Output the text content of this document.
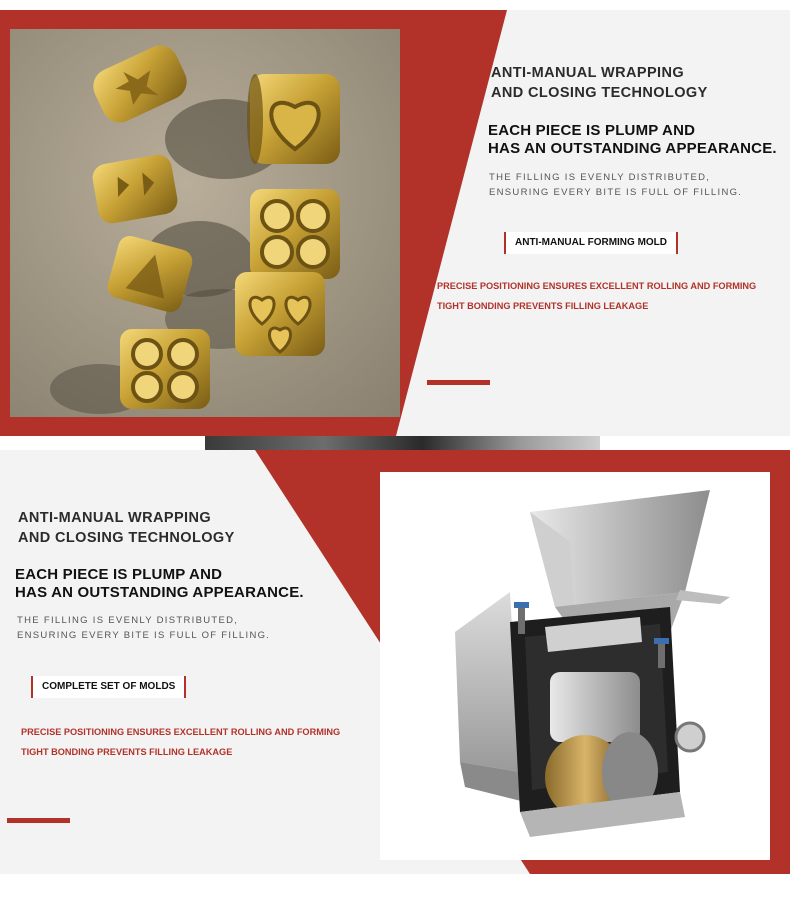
ANTI-MANUAL WRAPPING
AND CLOSING TECHNOLOGY
EACH PIECE IS PLUMP AND
HAS AN OUTSTANDING APPEARANCE.
THE FILLING IS EVENLY DISTRIBUTED,
ENSURING EVERY BITE IS FULL OF FILLING.
ANTI-MANUAL FORMING MOLD
PRECISE POSITIONING ENSURES EXCELLENT ROLLING AND FORMING
TIGHT BONDING PREVENTS FILLING LEAKAGE
ANTI-MANUAL WRAPPING
AND CLOSING TECHNOLOGY
EACH PIECE IS PLUMP AND
HAS AN OUTSTANDING APPEARANCE.
THE FILLING IS EVENLY DISTRIBUTED,
ENSURING EVERY BITE IS FULL OF FILLING.
COMPLETE SET OF MOLDS
PRECISE POSITIONING ENSURES EXCELLENT ROLLING AND FORMING
TIGHT BONDING PREVENTS FILLING LEAKAGE
